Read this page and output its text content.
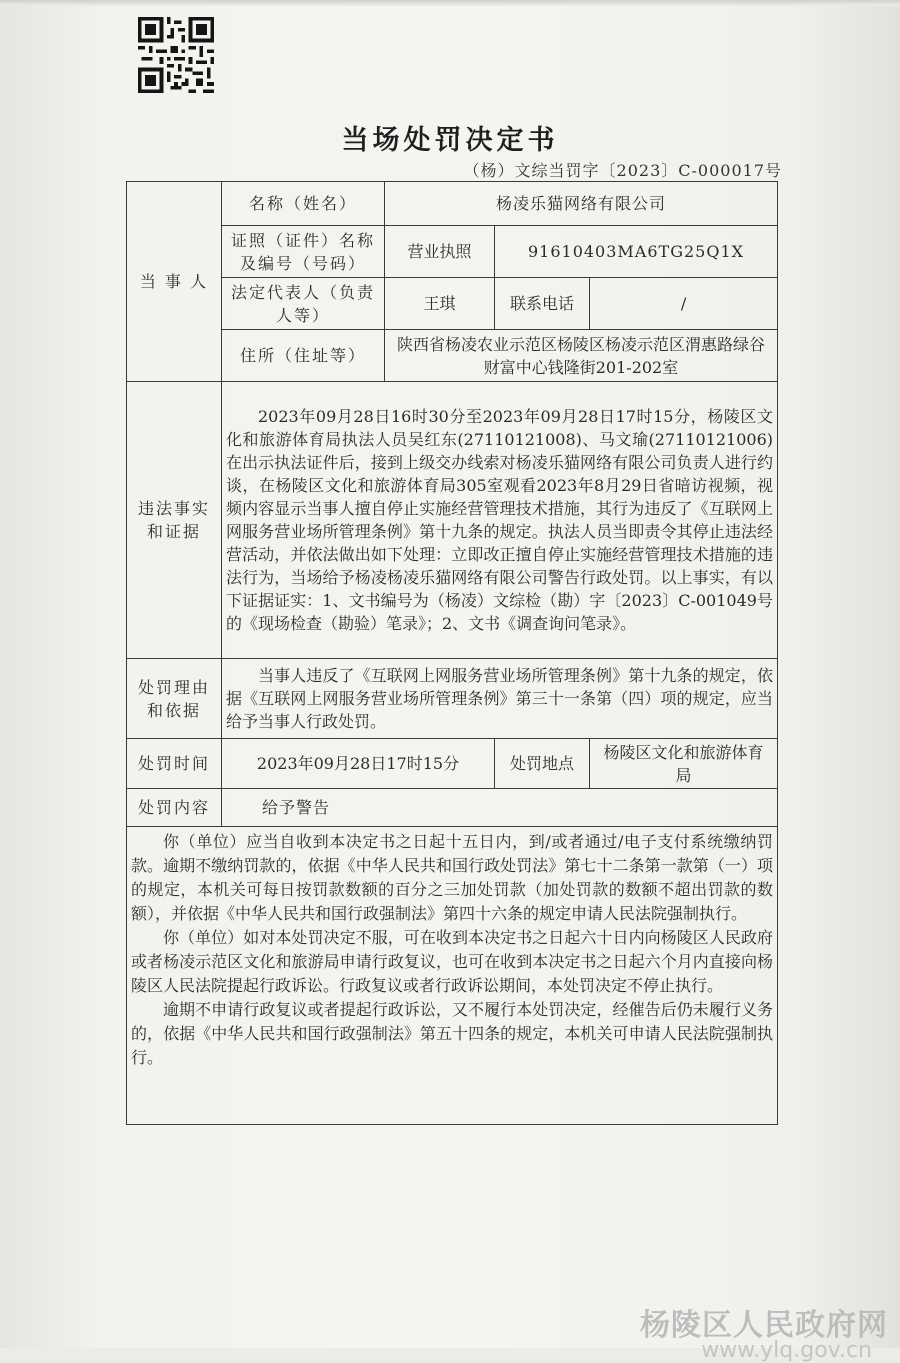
当场处罚决定书
（杨）文综当罚字〔2023〕C-000017号
当 事 人	名称（姓名）	杨凌乐猫网络有限公司		
	证照（证件）名称及编号（号码）	营业执照	91610403MA6TG25Q1X	
	法定代表人（负责人等）	王琪	联系电话	/
	住所（住址等）	陕西省杨凌农业示范区杨陵区杨凌示范区渭惠路绿谷财富中心钱隆街201-202室		
违法事实和证据	2023年09月28日16时30分至2023年09月28日17时15分，杨陵区文化和旅游体育局执法人员吴红东(27110121008)、马文瑜(27110121006)在出示执法证件后，接到上级交办线索对杨凌乐猫网络有限公司负责人进行约谈，在杨陵区文化和旅游体育局305室观看2023年8月29日省暗访视频，视频内容显示当事人擅自停止实施经营管理技术措施，其行为违反了《互联网上网服务营业场所管理条例》第十九条的规定。执法人员当即责令其停止违法经营活动，并依法做出如下处理：立即改正擅自停止实施经营管理技术措施的违法行为，当场给予杨凌杨凌乐猫网络有限公司警告行政处罚。以上事实，有以下证据证实：1、文书编号为（杨凌）文综检（勘）字〔2023〕C-001049号的《现场检查（勘验）笔录》；2、文书《调查询问笔录》。			
处罚理由和依据	当事人违反了《互联网上网服务营业场所管理条例》第十九条的规定，依据《互联网上网服务营业场所管理条例》第三十一条第（四）项的规定，应当给予当事人行政处罚。			
处罚时间	2023年09月28日17时15分		处罚地点	杨陵区文化和旅游体育局
处罚内容	给予警告			

你（单位）应当自收到本决定书之日起十五日内，到/或者通过/电子支付系统缴纳罚款。逾期不缴纳罚款的，依据《中华人民共和国行政处罚法》第七十二条第一款第（一）项的规定，本机关可每日按罚款数额的百分之三加处罚款（加处罚款的数额不超出罚款的数额），并依据《中华人民共和国行政强制法》第四十六条的规定申请人民法院强制执行。

你（单位）如对本处罚决定不服，可在收到本决定书之日起六十日内向杨陵区人民政府或者杨凌示范区文化和旅游局申请行政复议，也可在收到本决定书之日起六个月内直接向杨陵区人民法院提起行政诉讼。行政复议或者行政诉讼期间，本处罚决定不停止执行。

逾期不申请行政复议或者提起行政诉讼，又不履行本处罚决定，经催告后仍未履行义务的，依据《中华人民共和国行政强制法》第五十四条的规定，本机关可申请人民法院强制执行。				

杨陵区人民政府网
www.ylq.gov.cn
